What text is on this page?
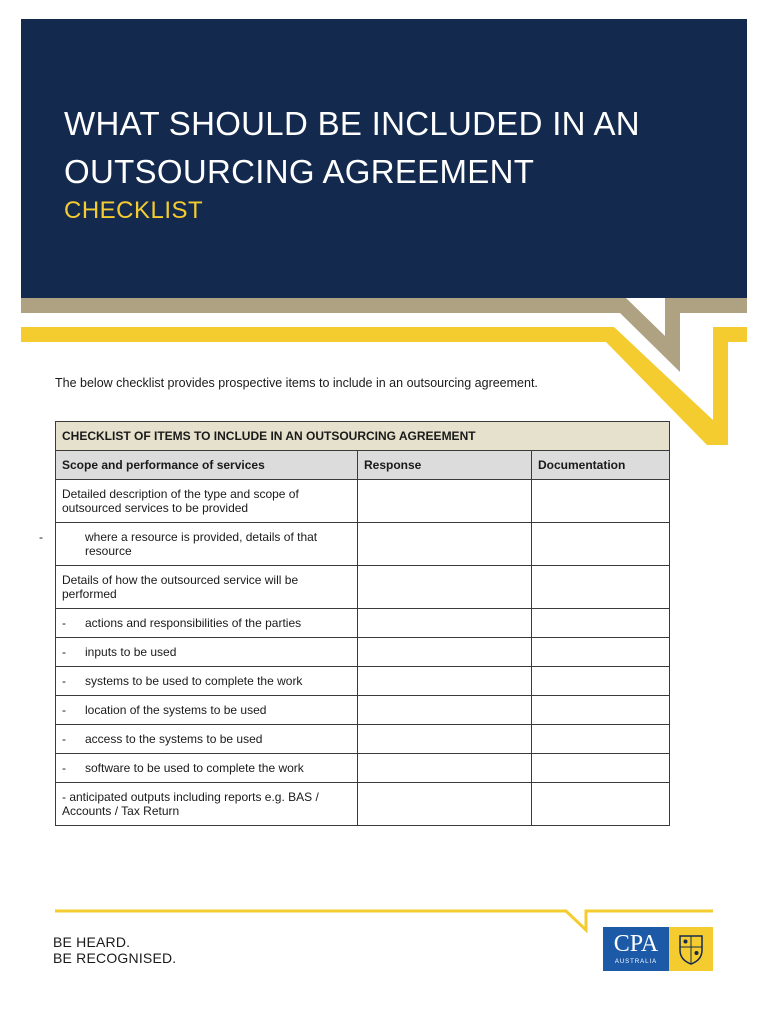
WHAT SHOULD BE INCLUDED IN AN OUTSOURCING AGREEMENT
CHECKLIST
The below checklist provides prospective items to include in an outsourcing agreement.
CHECKLIST OF ITEMS TO INCLUDE IN AN OUTSOURCING AGREEMENT		
Scope and performance of services	Response	Documentation
Detailed description of the type and scope of outsourced services to be provided		

- where a resource is provided, details of that resource		

Details of how the outsourced service will be performed		
- actions and responsibilities of the parties		
- inputs to be used		
- systems to be used to complete the work		
- location of the systems to be used		
- access to the systems to be used		
- software to be used to complete the work		
- anticipated outputs including reports e.g. BAS / Accounts / Tax Return		
BE HEARD.
BE RECOGNISED.
CPA
AUSTRALIA
